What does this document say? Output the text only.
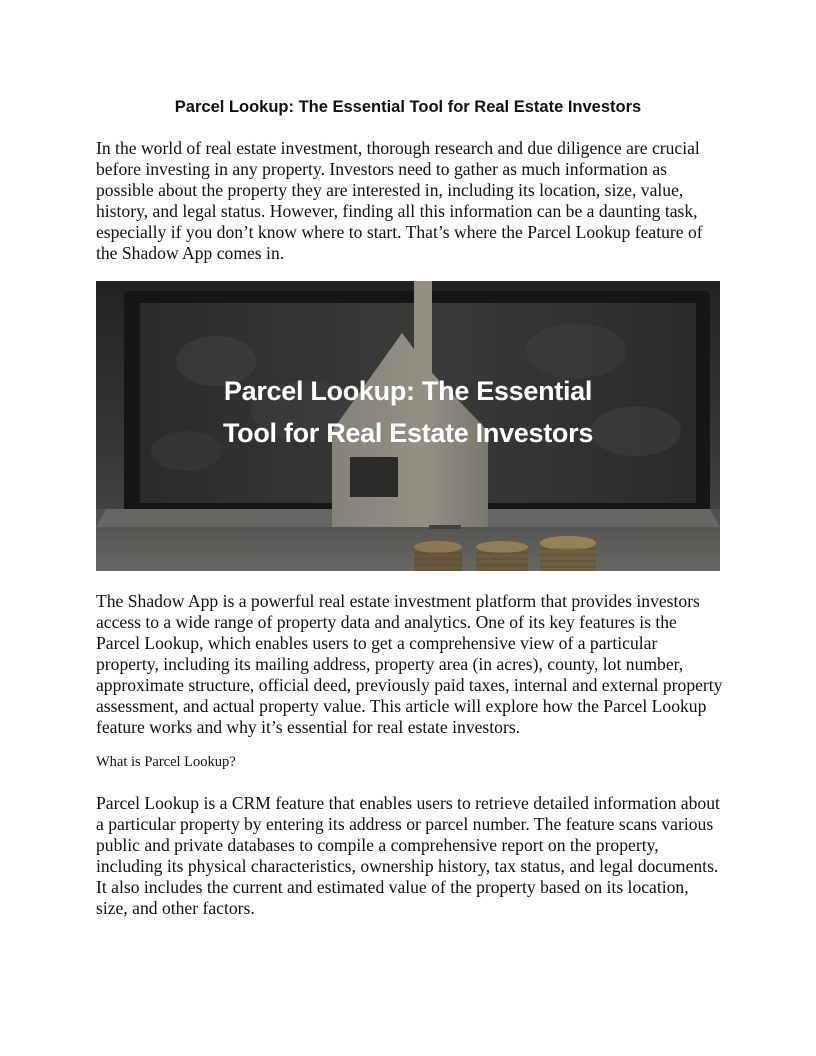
Parcel Lookup: The Essential Tool for Real Estate Investors

In the world of real estate investment, thorough research and due diligence are crucial before investing in any property. Investors need to gather as much information as possible about the property they are interested in, including its location, size, value, history, and legal status. However, finding all this information can be a daunting task, especially if you don’t know where to start. That’s where the Parcel Lookup feature of the Shadow App comes in.

Parcel Lookup: The Essential
Tool for Real Estate Investors

The Shadow App is a powerful real estate investment platform that provides investors access to a wide range of property data and analytics. One of its key features is the Parcel Lookup, which enables users to get a comprehensive view of a particular property, including its mailing address, property area (in acres), county, lot number, approximate structure, official deed, previously paid taxes, internal and external property assessment, and actual property value. This article will explore how the Parcel Lookup feature works and why it’s essential for real estate investors.

What is Parcel Lookup?

Parcel Lookup is a CRM feature that enables users to retrieve detailed information about a particular property by entering its address or parcel number. The feature scans various public and private databases to compile a comprehensive report on the property, including its physical characteristics, ownership history, tax status, and legal documents. It also includes the current and estimated value of the property based on its location, size, and other factors.
